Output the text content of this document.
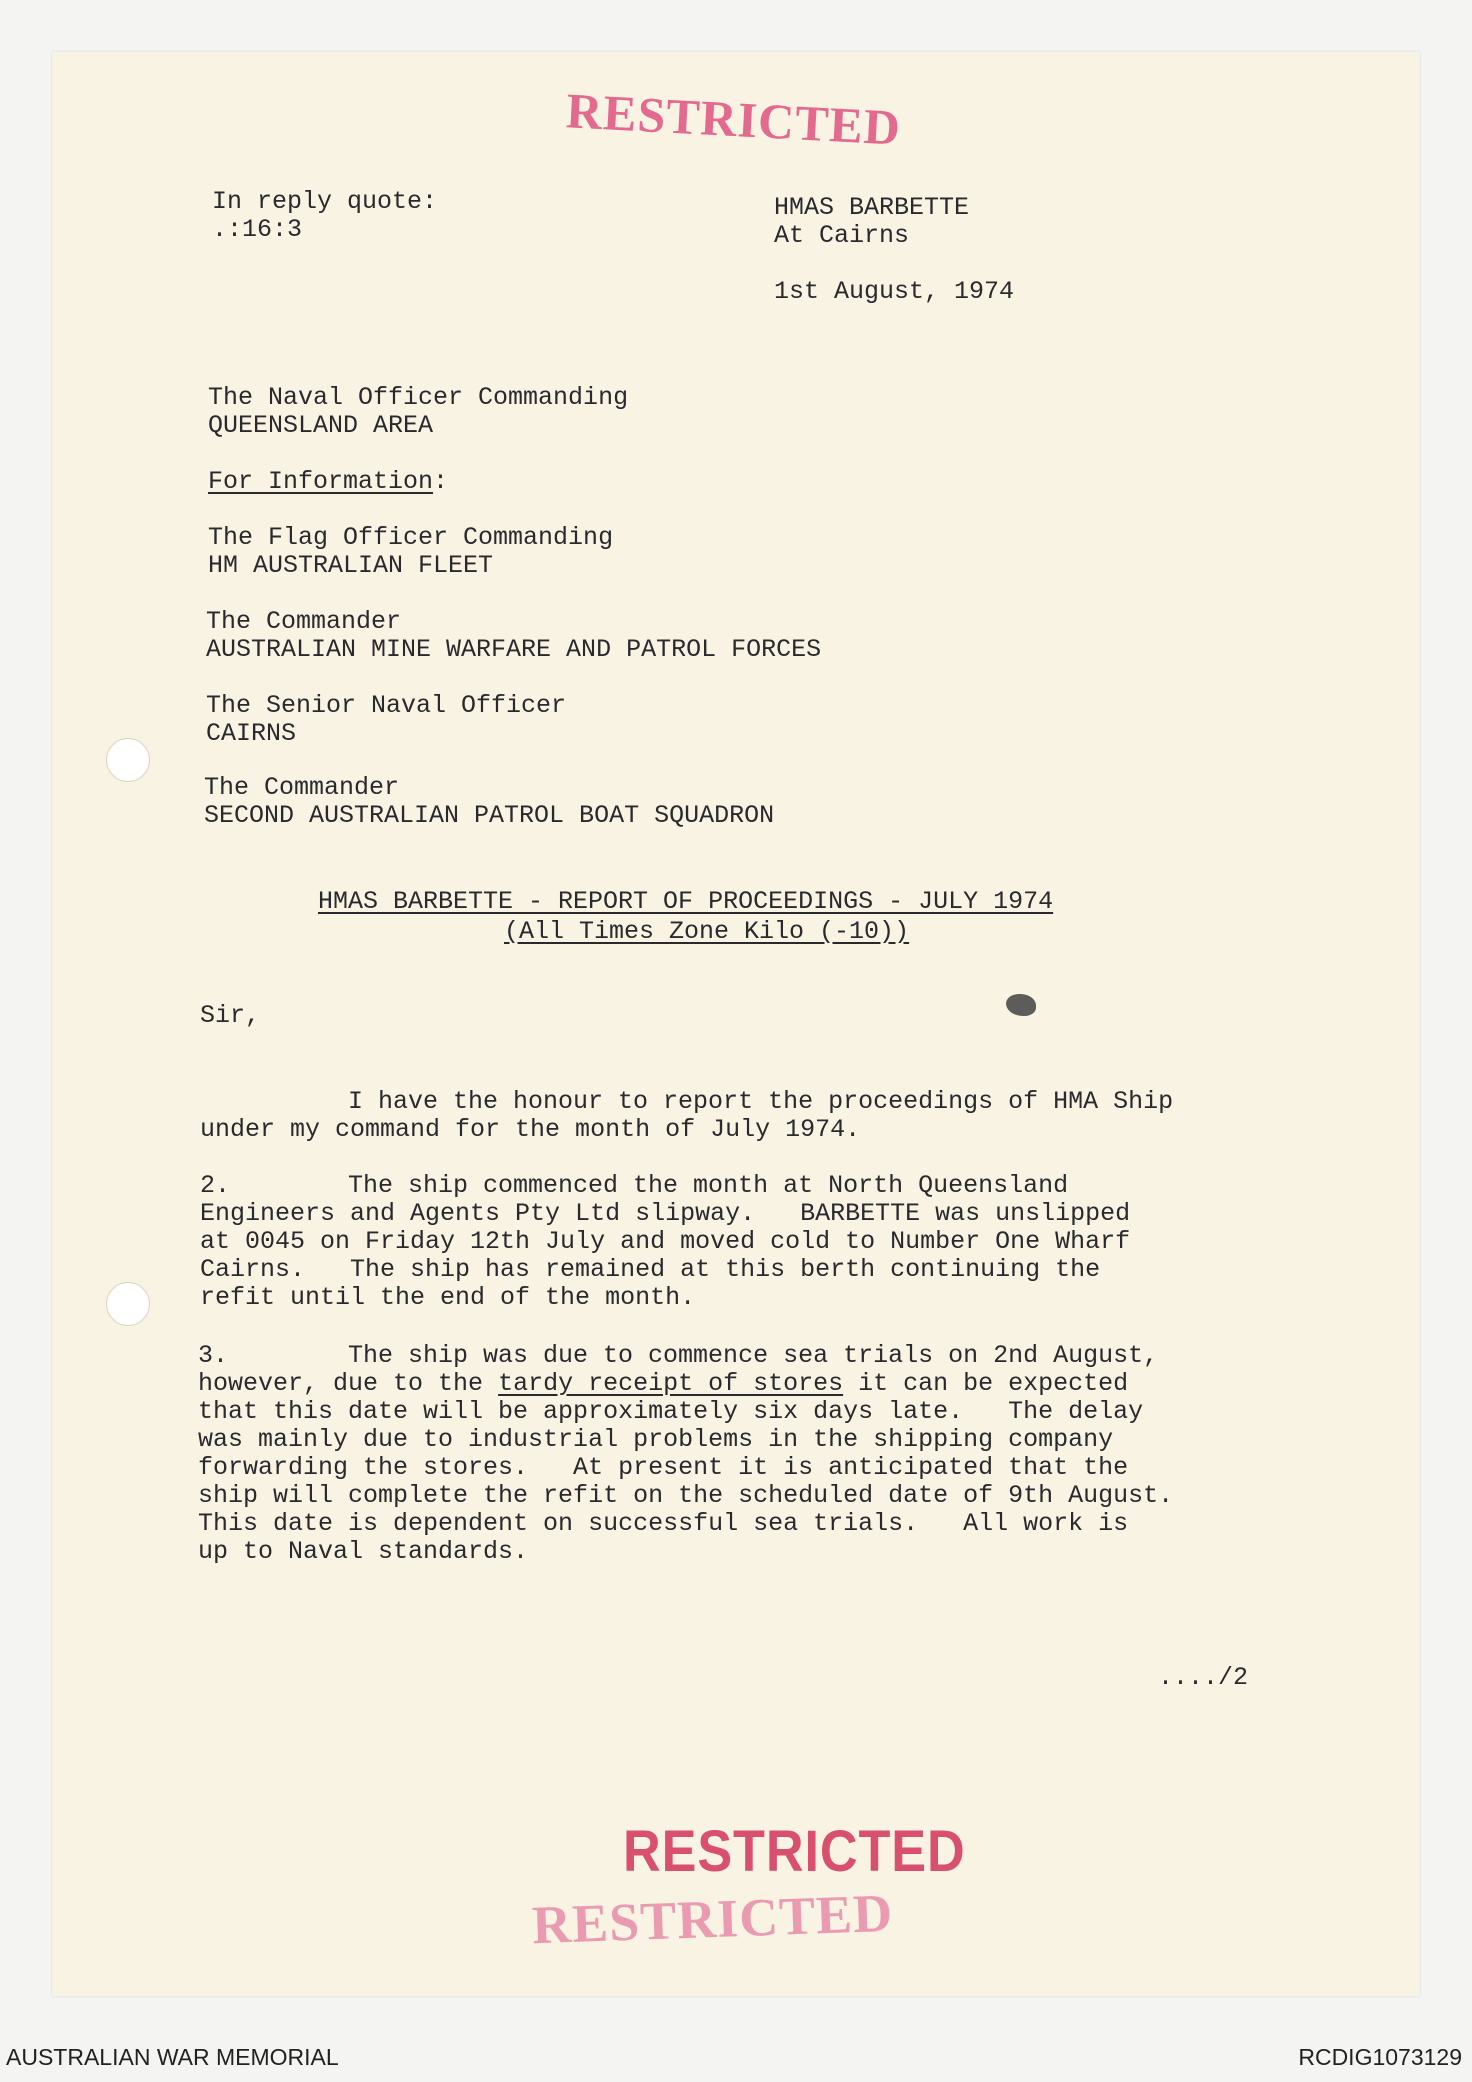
RESTRICTED
RESTRICTED
RESTRICTED
In reply quote:
.:16:3
HMAS BARBETTE
At Cairns
1st August, 1974
The Naval Officer Commanding
QUEENSLAND AREA
For Information:
The Flag Officer Commanding
HM AUSTRALIAN FLEET
The Commander
AUSTRALIAN MINE WARFARE AND PATROL FORCES
The Senior Naval Officer
CAIRNS
The Commander
SECOND AUSTRALIAN PATROL BOAT SQUADRON
HMAS BARBETTE - REPORT OF PROCEEDINGS - JULY 1974
(All Times Zone Kilo (-10))
Sir,
I have the honour to report the proceedings of HMA Ship
under my command for the month of July 1974.
2.	The ship commenced the month at North Queensland
Engineers and Agents Pty Ltd slipway.   BARBETTE was unslipped
at 0045 on Friday 12th July and moved cold to Number One Wharf
Cairns.   The ship has remained at this berth continuing the
refit until the end of the month.
3.	The ship was due to commence sea trials on 2nd August,
however, due to the tardy receipt of stores it can be expected
that this date will be approximately six days late.   The delay
was mainly due to industrial problems in the shipping company
forwarding the stores.   At present it is anticipated that the
ship will complete the refit on the scheduled date of 9th August.
This date is dependent on successful sea trials.   All work is
up to Naval standards.
..../2
AUSTRALIAN WAR MEMORIAL	RCDIG1073129
